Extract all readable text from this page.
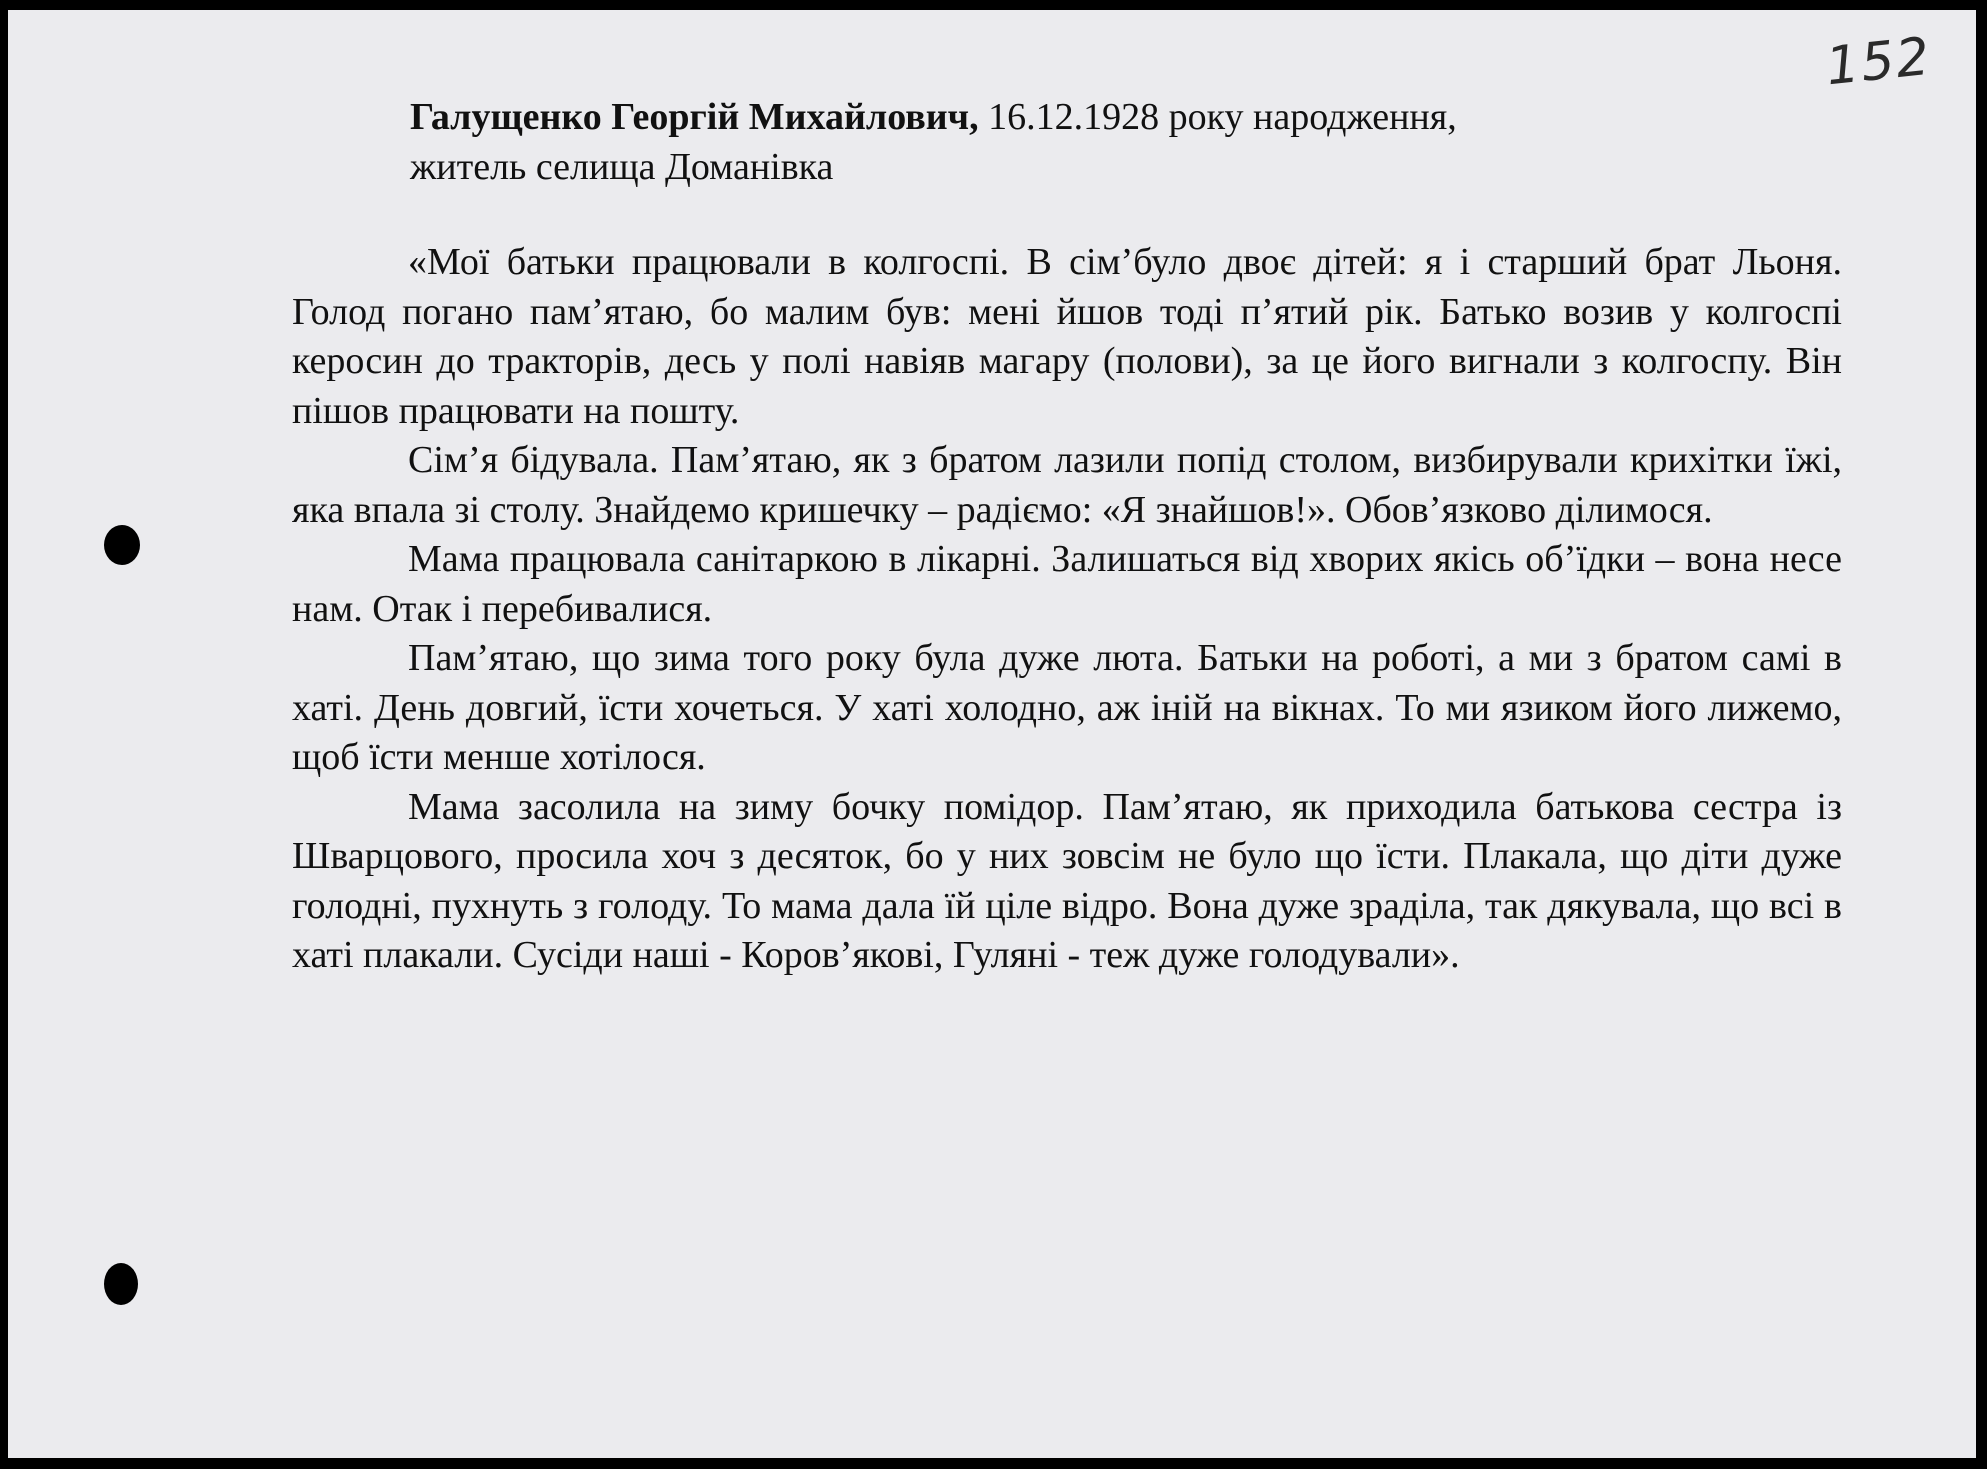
152
Галущенко Георгій Михайлович, 16.12.1928 року народження,
житель селища Доманівка

«Мої батьки працювали в колгоспі. В сім’було двоє дітей: я і старший брат Льоня. Голод погано пам’ятаю, бо малим був: мені йшов тоді п’ятий рік. Батько возив у колгоспі керосин до тракторів, десь у полі навіяв магару (полови), за це його вигнали з колгоспу. Він пішов працювати на пошту.

Сім’я бідувала. Пам’ятаю, як з братом лазили попід столом, визбирували крихітки їжі, яка впала зі столу. Знайдемо кришечку – радіємо: «Я знайшов!». Обов’язково ділимося.

Мама працювала санітаркою в лікарні. Залишаться від хворих якісь об’їдки – вона несе нам. Отак і перебивалися.

Пам’ятаю, що зима того року була дуже люта. Батьки на роботі, а ми з братом самі в хаті. День довгий, їсти хочеться. У хаті холодно, аж іній на вікнах. То ми язиком його лижемо, щоб їсти менше хотілося.

Мама засолила на зиму бочку помідор. Пам’ятаю, як приходила батькова сестра із Шварцового, просила хоч з десяток, бо у них зовсім не було що їсти. Плакала, що діти дуже голодні, пухнуть з голоду. То мама дала їй ціле відро. Вона дуже зраділа, так дякувала, що всі в хаті плакали. Сусіди наші - Коров’якові, Гуляні - теж дуже голодували».
